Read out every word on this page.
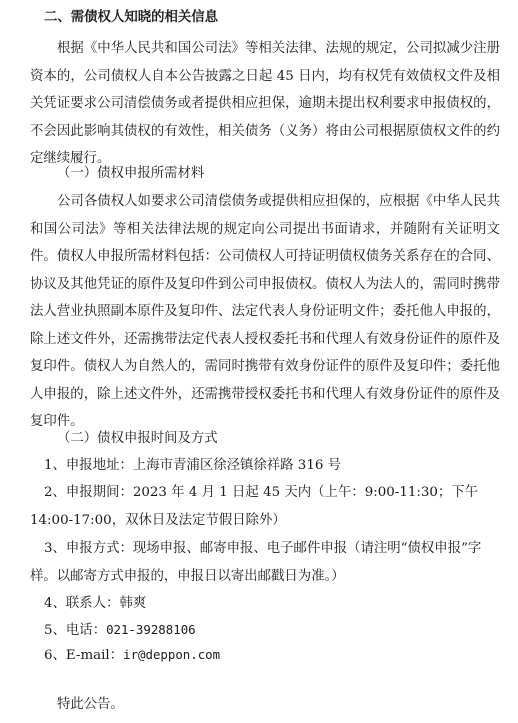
二、需债权人知晓的相关信息
根据《中华人民共和国公司法》等相关法律、法规的规定，公司拟减少注册资本的，公司债权人自本公告披露之日起 45 日内，均有权凭有效债权文件及相关凭证要求公司清偿债务或者提供相应担保，逾期未提出权利要求申报债权的，不会因此影响其债权的有效性，相关债务（义务）将由公司根据原债权文件的约定继续履行。
（一）债权申报所需材料
公司各债权人如要求公司清偿债务或提供相应担保的，应根据《中华人民共和国公司法》等相关法律法规的规定向公司提出书面请求，并随附有关证明文件。债权人申报所需材料包括：公司债权人可持证明债权债务关系存在的合同、协议及其他凭证的原件及复印件到公司申报债权。债权人为法人的，需同时携带法人营业执照副本原件及复印件、法定代表人身份证明文件；委托他人申报的，除上述文件外，还需携带法定代表人授权委托书和代理人有效身份证件的原件及复印件。债权人为自然人的，需同时携带有效身份证件的原件及复印件；委托他人申报的，除上述文件外，还需携带授权委托书和代理人有效身份证件的原件及复印件。
（二）债权申报时间及方式
1、申报地址：上海市青浦区徐泾镇徐祥路 316 号
2、申报期间：2023 年 4 月 1 日起 45 天内（上午：9:00-11:30；下午 14:00-17:00，双休日及法定节假日除外）
3、申报方式：现场申报、邮寄申报、电子邮件申报（请注明“债权申报”字样。以邮寄方式申报的，申报日以寄出邮戳日为准。）
4、联系人：韩爽
5、电话：021-39288106
6、E-mail：ir@deppon.com
特此公告。
